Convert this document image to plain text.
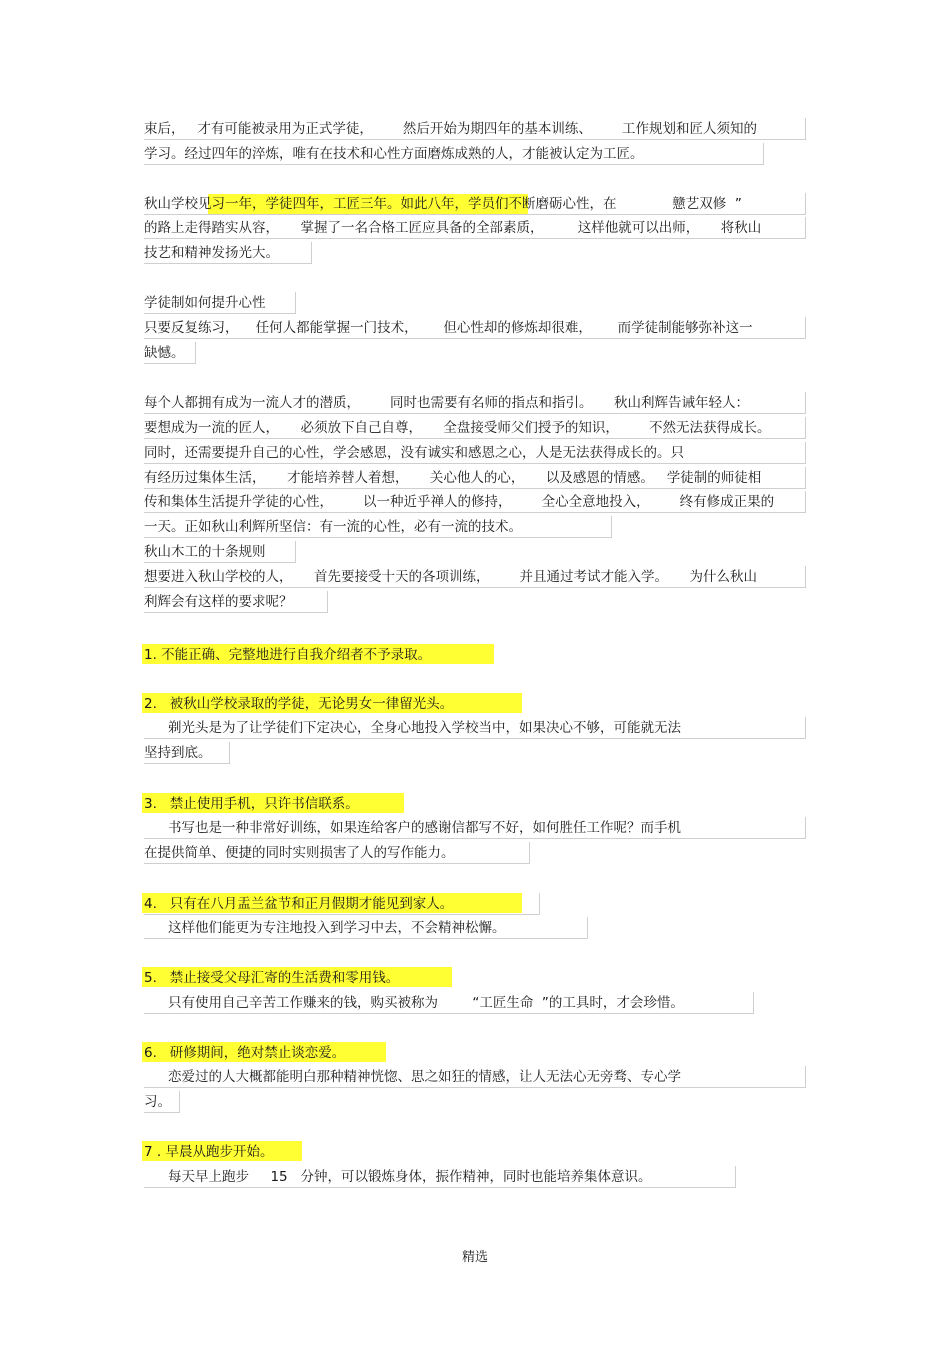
束后，   才有可能被录用为正式学徒，       然后开始为期四年的基本训练、       工作规划和匠人须知的
学习。经过四年的淬炼，唯有在技术和心性方面磨炼成熟的人，才能被认定为工匠。
秋山学校见习一年，学徒四年，工匠三年。如此八年，学员们不断磨砺心性，在             戆艺双修  ”
的路上走得踏实从容，     掌握了一名合格工匠应具备的全部素质，        这样他就可以出师，     将秋山
技艺和精神发扬光大。
学徒制如何提升心性
只要反复练习，    任何人都能掌握一门技术，      但心性却的修炼却很难，      而学徒制能够弥补这一
缺憾。
每个人都拥有成为一流人才的潜质，       同时也需要有名师的指点和指引。     秋山利辉告诫年轻人：
要想成为一流的匠人，     必须放下自己自尊，     全盘接受师父们授予的知识，       不然无法获得成长。
同时，还需要提升自己的心性，学会感恩，没有诚实和感恩之心，人是无法获得成长的。只
有经历过集体生活，     才能培养替人着想，     关心他人的心，     以及感恩的情感。   学徒制的师徒相
传和集体生活提升学徒的心性，       以一种近乎禅人的修持，       全心全意地投入，       终有修成正果的
一天。正如秋山利辉所坚信：有一流的心性，必有一流的技术。
秋山木工的十条规则
想要进入秋山学校的人，     首先要接受十天的各项训练，       并且通过考试才能入学。     为什么秋山
利辉会有这样的要求呢？
1. 不能正确、完整地进行自我介绍者不予录取。
2.   被秋山学校录取的学徒，无论男女一律留光头。
剃光头是为了让学徒们下定决心，全身心地投入学校当中，如果决心不够，可能就无法
坚持到底。
3.   禁止使用手机，只许书信联系。
书写也是一种非常好训练，如果连给客户的感谢信都写不好，如何胜任工作呢？而手机
在提供简单、便捷的同时实则损害了人的写作能力。
4.   只有在八月盂兰盆节和正月假期才能见到家人。
这样他们能更为专注地投入到学习中去，不会精神松懈。
5.   禁止接受父母汇寄的生活费和零用钱。
只有使用自己辛苦工作赚来的钱，购买被称为        “工匠生命  ”的工具时，才会珍惜。
6.   研修期间，绝对禁止谈恋爱。
恋爱过的人大概都能明白那种精神恍惚、思之如狂的情感，让人无法心无旁骛、专心学
习。
7 . 早晨从跑步开始。
每天早上跑步     15   分钟，可以锻炼身体，振作精神，同时也能培养集体意识。
精选
